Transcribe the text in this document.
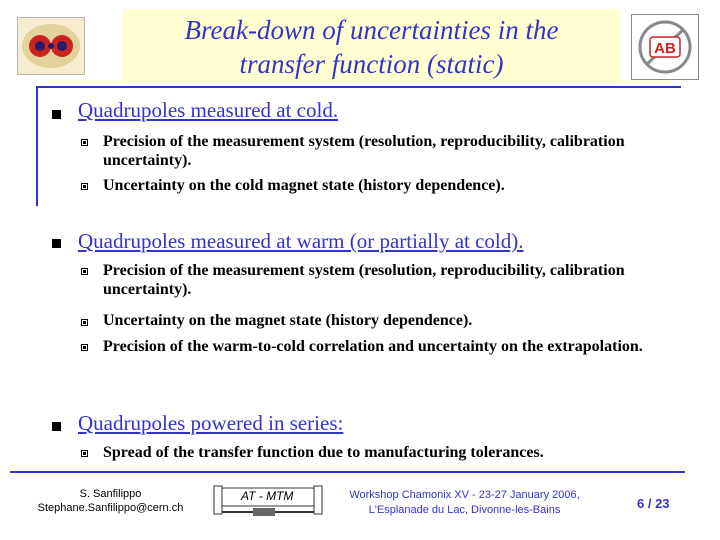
Break-down of uncertainties in the
transfer function (static)
AB
Quadrupoles measured at cold.
Precision of the measurement system (resolution, reproducibility, calibration uncertainty).
Uncertainty on the cold magnet state (history dependence).
Quadrupoles measured at warm (or partially at cold).
Precision of the measurement system (resolution, reproducibility, calibration uncertainty).
Uncertainty on the magnet state (history dependence).
Precision of the warm-to-cold correlation and uncertainty on the extrapolation.
Quadrupoles powered in series:
Spread of the transfer function due to manufacturing tolerances.
S. Sanfilippo
Stephane.Sanfilippo@cern.ch
AT - MTM	Workshop Chamonix XV - 23-27 January 2006,
L'Esplanade du Lac, Divonne-les-Bains	6 / 23
